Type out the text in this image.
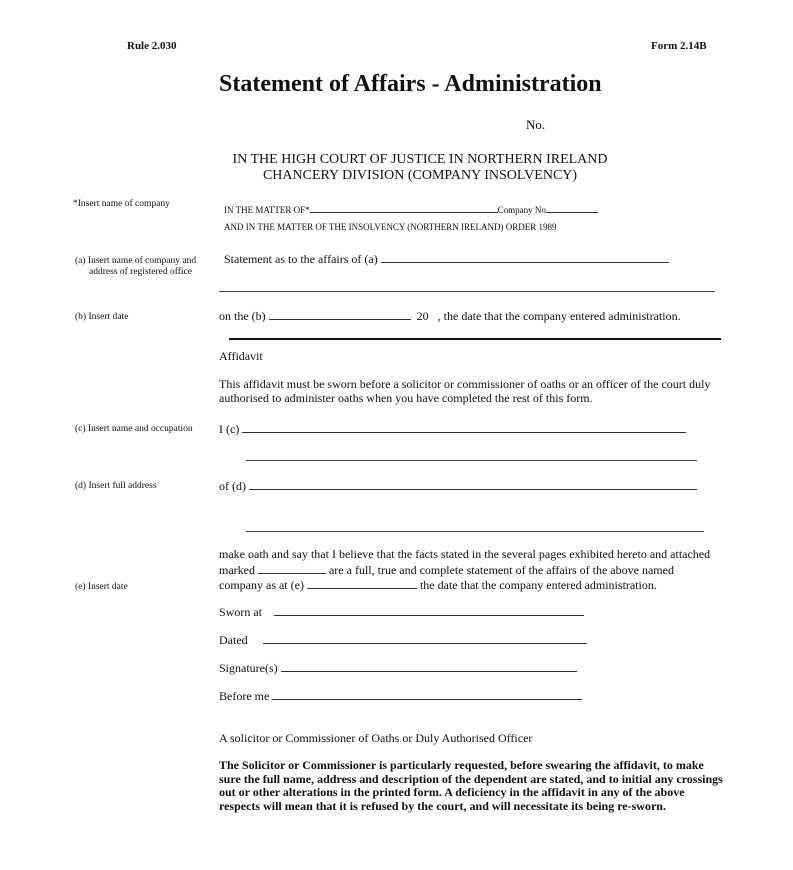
Rule 2.030	Form 2.14B
Statement of Affairs - Administration
No.
IN THE HIGH COURT OF JUSTICE IN NORTHERN IRELAND
CHANCERY DIVISION (COMPANY INSOLVENCY)
*Insert name of company
(a) Insert name of company and
address of registered office
(b) Insert date
(c) Insert name and occupation
(d) Insert full address
(e) Insert date
IN THE MATTER OF*	Company No
AND IN THE MATTER OF THE INSOLVENCY (NORTHERN IRELAND) ORDER 1989
Statement as to the affairs of (a)
on the (b)	20 , the date that the company entered administration.
Affidavit
This affidavit must be sworn before a solicitor or commissioner of oaths or an officer of the court duly authorised to administer oaths when you have completed the rest of this form.
I (c)
of (d)
make oath and say that I believe that the facts stated in the several pages exhibited hereto and attached
marked	are a full, true and complete statement of the affairs of the above named
company as at (e)	the date that the company entered administration.
Sworn at
Dated
Signature(s)
Before me
A solicitor or Commissioner of Oaths or Duly Authorised Officer
The Solicitor or Commissioner is particularly requested, before swearing the affidavit, to make sure the full name, address and description of the dependent are stated, and to initial any crossings out or other alterations in the printed form. A deficiency in the affidavit in any of the above respects will mean that it is refused by the court, and will necessitate its being re-sworn.
